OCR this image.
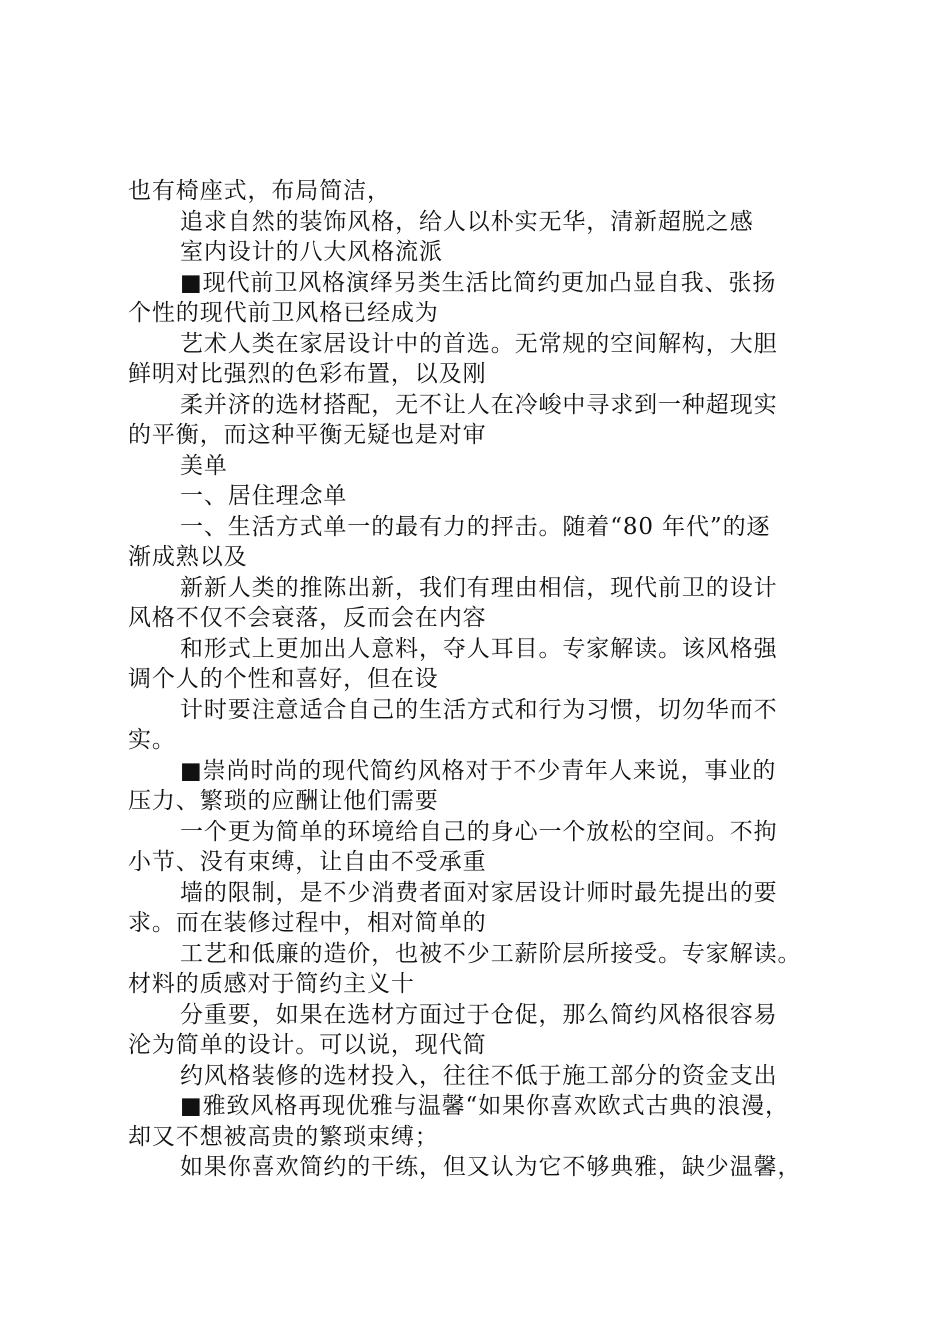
也有椅座式，布局简洁，
追求自然的装饰风格，给人以朴实无华，清新超脱之感
室内设计的八大风格流派
■现代前卫风格演绎另类生活比简约更加凸显自我、张扬
个性的现代前卫风格已经成为
艺术人类在家居设计中的首选。无常规的空间解构，大胆
鲜明对比强烈的色彩布置，以及刚
柔并济的选材搭配，无不让人在冷峻中寻求到一种超现实
的平衡，而这种平衡无疑也是对审
美单
一、居住理念单
一、生活方式单一的最有力的抨击。随着“80 年代”的逐
渐成熟以及
新新人类的推陈出新，我们有理由相信，现代前卫的设计
风格不仅不会衰落，反而会在内容
和形式上更加出人意料，夺人耳目。专家解读。该风格强
调个人的个性和喜好，但在设
计时要注意适合自己的生活方式和行为习惯，切勿华而不
实。
■崇尚时尚的现代简约风格对于不少青年人来说，事业的
压力、繁琐的应酬让他们需要
一个更为简单的环境给自己的身心一个放松的空间。不拘
小节、没有束缚，让自由不受承重
墙的限制，是不少消费者面对家居设计师时最先提出的要
求。而在装修过程中，相对简单的
工艺和低廉的造价，也被不少工薪阶层所接受。专家解读。
材料的质感对于简约主义十
分重要，如果在选材方面过于仓促，那么简约风格很容易
沦为简单的设计。可以说，现代简
约风格装修的选材投入，往往不低于施工部分的资金支出
■雅致风格再现优雅与温馨“如果你喜欢欧式古典的浪漫，
却又不想被高贵的繁琐束缚；
如果你喜欢简约的干练，但又认为它不够典雅，缺少温馨，
